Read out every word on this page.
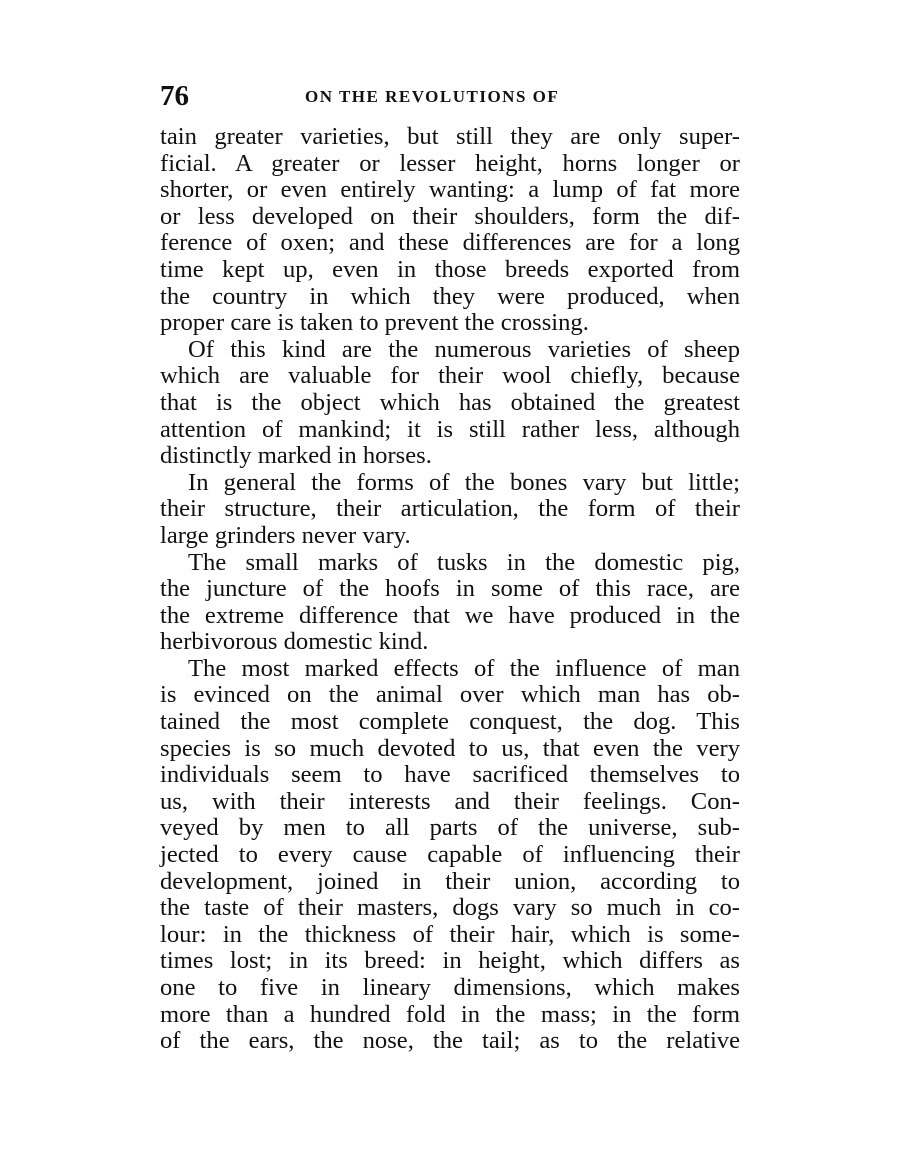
76	ON THE REVOLUTIONS OF

tain greater varieties, but still they are only super-
ficial. A greater or lesser height, horns longer or
shorter, or even entirely wanting: a lump of fat more
or less developed on their shoulders, form the dif-
ference of oxen; and these differences are for a long
time kept up, even in those breeds exported from
the country in which they were produced, when
proper care is taken to prevent the crossing.

Of this kind are the numerous varieties of sheep
which are valuable for their wool chiefly, because
that is the object which has obtained the greatest
attention of mankind; it is still rather less, although
distinctly marked in horses.

In general the forms of the bones vary but little;
their structure, their articulation, the form of their
large grinders never vary.

The small marks of tusks in the domestic pig,
the juncture of the hoofs in some of this race, are
the extreme difference that we have produced in the
herbivorous domestic kind.

The most marked effects of the influence of man
is evinced on the animal over which man has ob-
tained the most complete conquest, the dog. This
species is so much devoted to us, that even the very
individuals seem to have sacrificed themselves to
us, with their interests and their feelings. Con-
veyed by men to all parts of the universe, sub-
jected to every cause capable of influencing their
development, joined in their union, according to
the taste of their masters, dogs vary so much in co-
lour: in the thickness of their hair, which is some-
times lost; in its breed: in height, which differs as
one to five in lineary dimensions, which makes
more than a hundred fold in the mass; in the form
of the ears, the nose, the tail; as to the relative
